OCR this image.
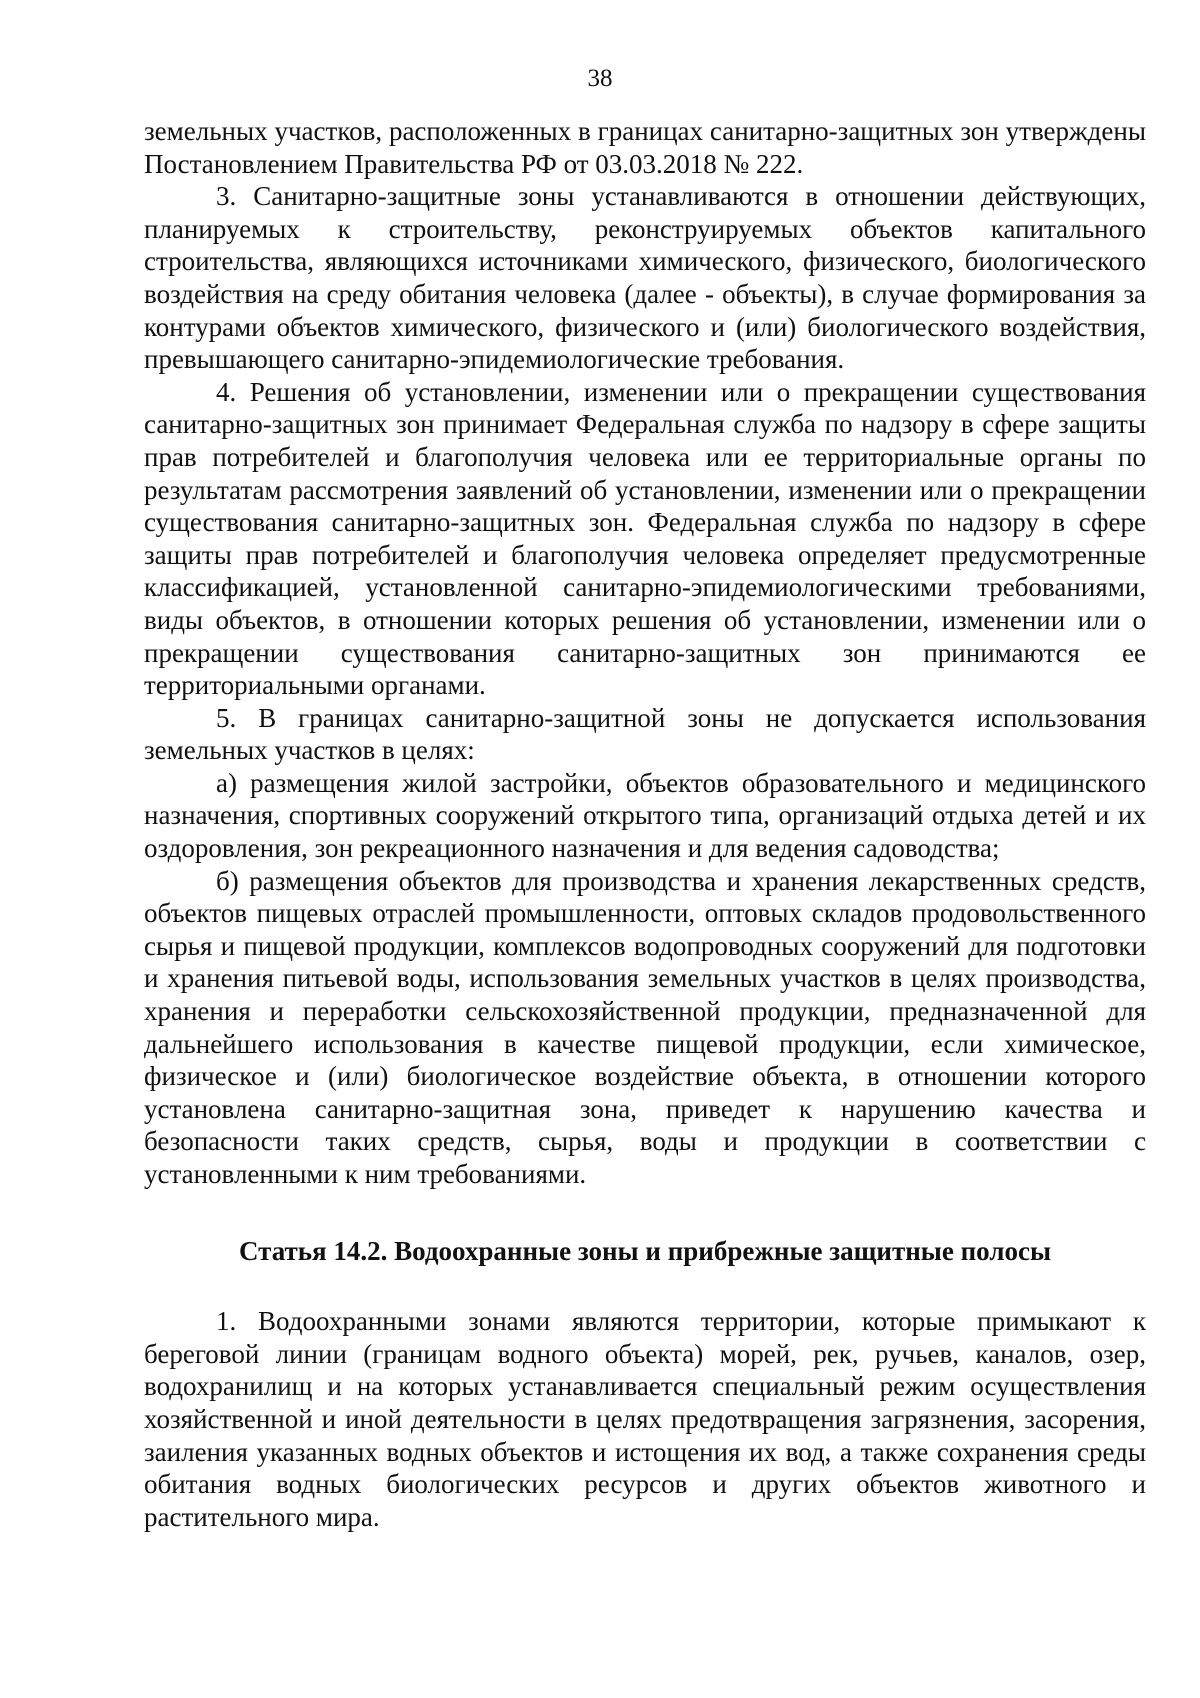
38

земельных участков, расположенных в границах санитарно-защитных зон утверждены Постановлением Правительства РФ от 03.03.2018 № 222.

3. Санитарно-защитные зоны устанавливаются в отношении действующих, планируемых к строительству, реконструируемых объектов капитального строительства, являющихся источниками химического, физического, биологического воздействия на среду обитания человека (далее - объекты), в случае формирования за контурами объектов химического, физического и (или) биологического воздействия, превышающего санитарно-эпидемиологические требования.

4. Решения об установлении, изменении или о прекращении существования санитарно-защитных зон принимает Федеральная служба по надзору в сфере защиты прав потребителей и благополучия человека или ее территориальные органы по результатам рассмотрения заявлений об установлении, изменении или о прекращении существования санитарно-защитных зон. Федеральная служба по надзору в сфере защиты прав потребителей и благополучия человека определяет предусмотренные классификацией, установленной санитарно-эпидемиологическими требованиями, виды объектов, в отношении которых решения об установлении, изменении или о прекращении существования санитарно-защитных зон принимаются ее территориальными органами.

5. В границах санитарно-защитной зоны не допускается использования земельных участков в целях:

а) размещения жилой застройки, объектов образовательного и медицинского назначения, спортивных сооружений открытого типа, организаций отдыха детей и их оздоровления, зон рекреационного назначения и для ведения садоводства;

б) размещения объектов для производства и хранения лекарственных средств, объектов пищевых отраслей промышленности, оптовых складов продовольственного сырья и пищевой продукции, комплексов водопроводных сооружений для подготовки и хранения питьевой воды, использования земельных участков в целях производства, хранения и переработки сельскохозяйственной продукции, предназначенной для дальнейшего использования в качестве пищевой продукции, если химическое, физическое и (или) биологическое воздействие объекта, в отношении которого установлена санитарно-защитная зона, приведет к нарушению качества и безопасности таких средств, сырья, воды и продукции в соответствии с установленными к ним требованиями.

Статья 14.2. Водоохранные зоны и прибрежные защитные полосы

1. Водоохранными зонами являются территории, которые примыкают к береговой линии (границам водного объекта) морей, рек, ручьев, каналов, озер, водохранилищ и на которых устанавливается специальный режим осуществления хозяйственной и иной деятельности в целях предотвращения загрязнения, засорения, заиления указанных водных объектов и истощения их вод, а также сохранения среды обитания водных биологических ресурсов и других объектов животного и растительного мира.
